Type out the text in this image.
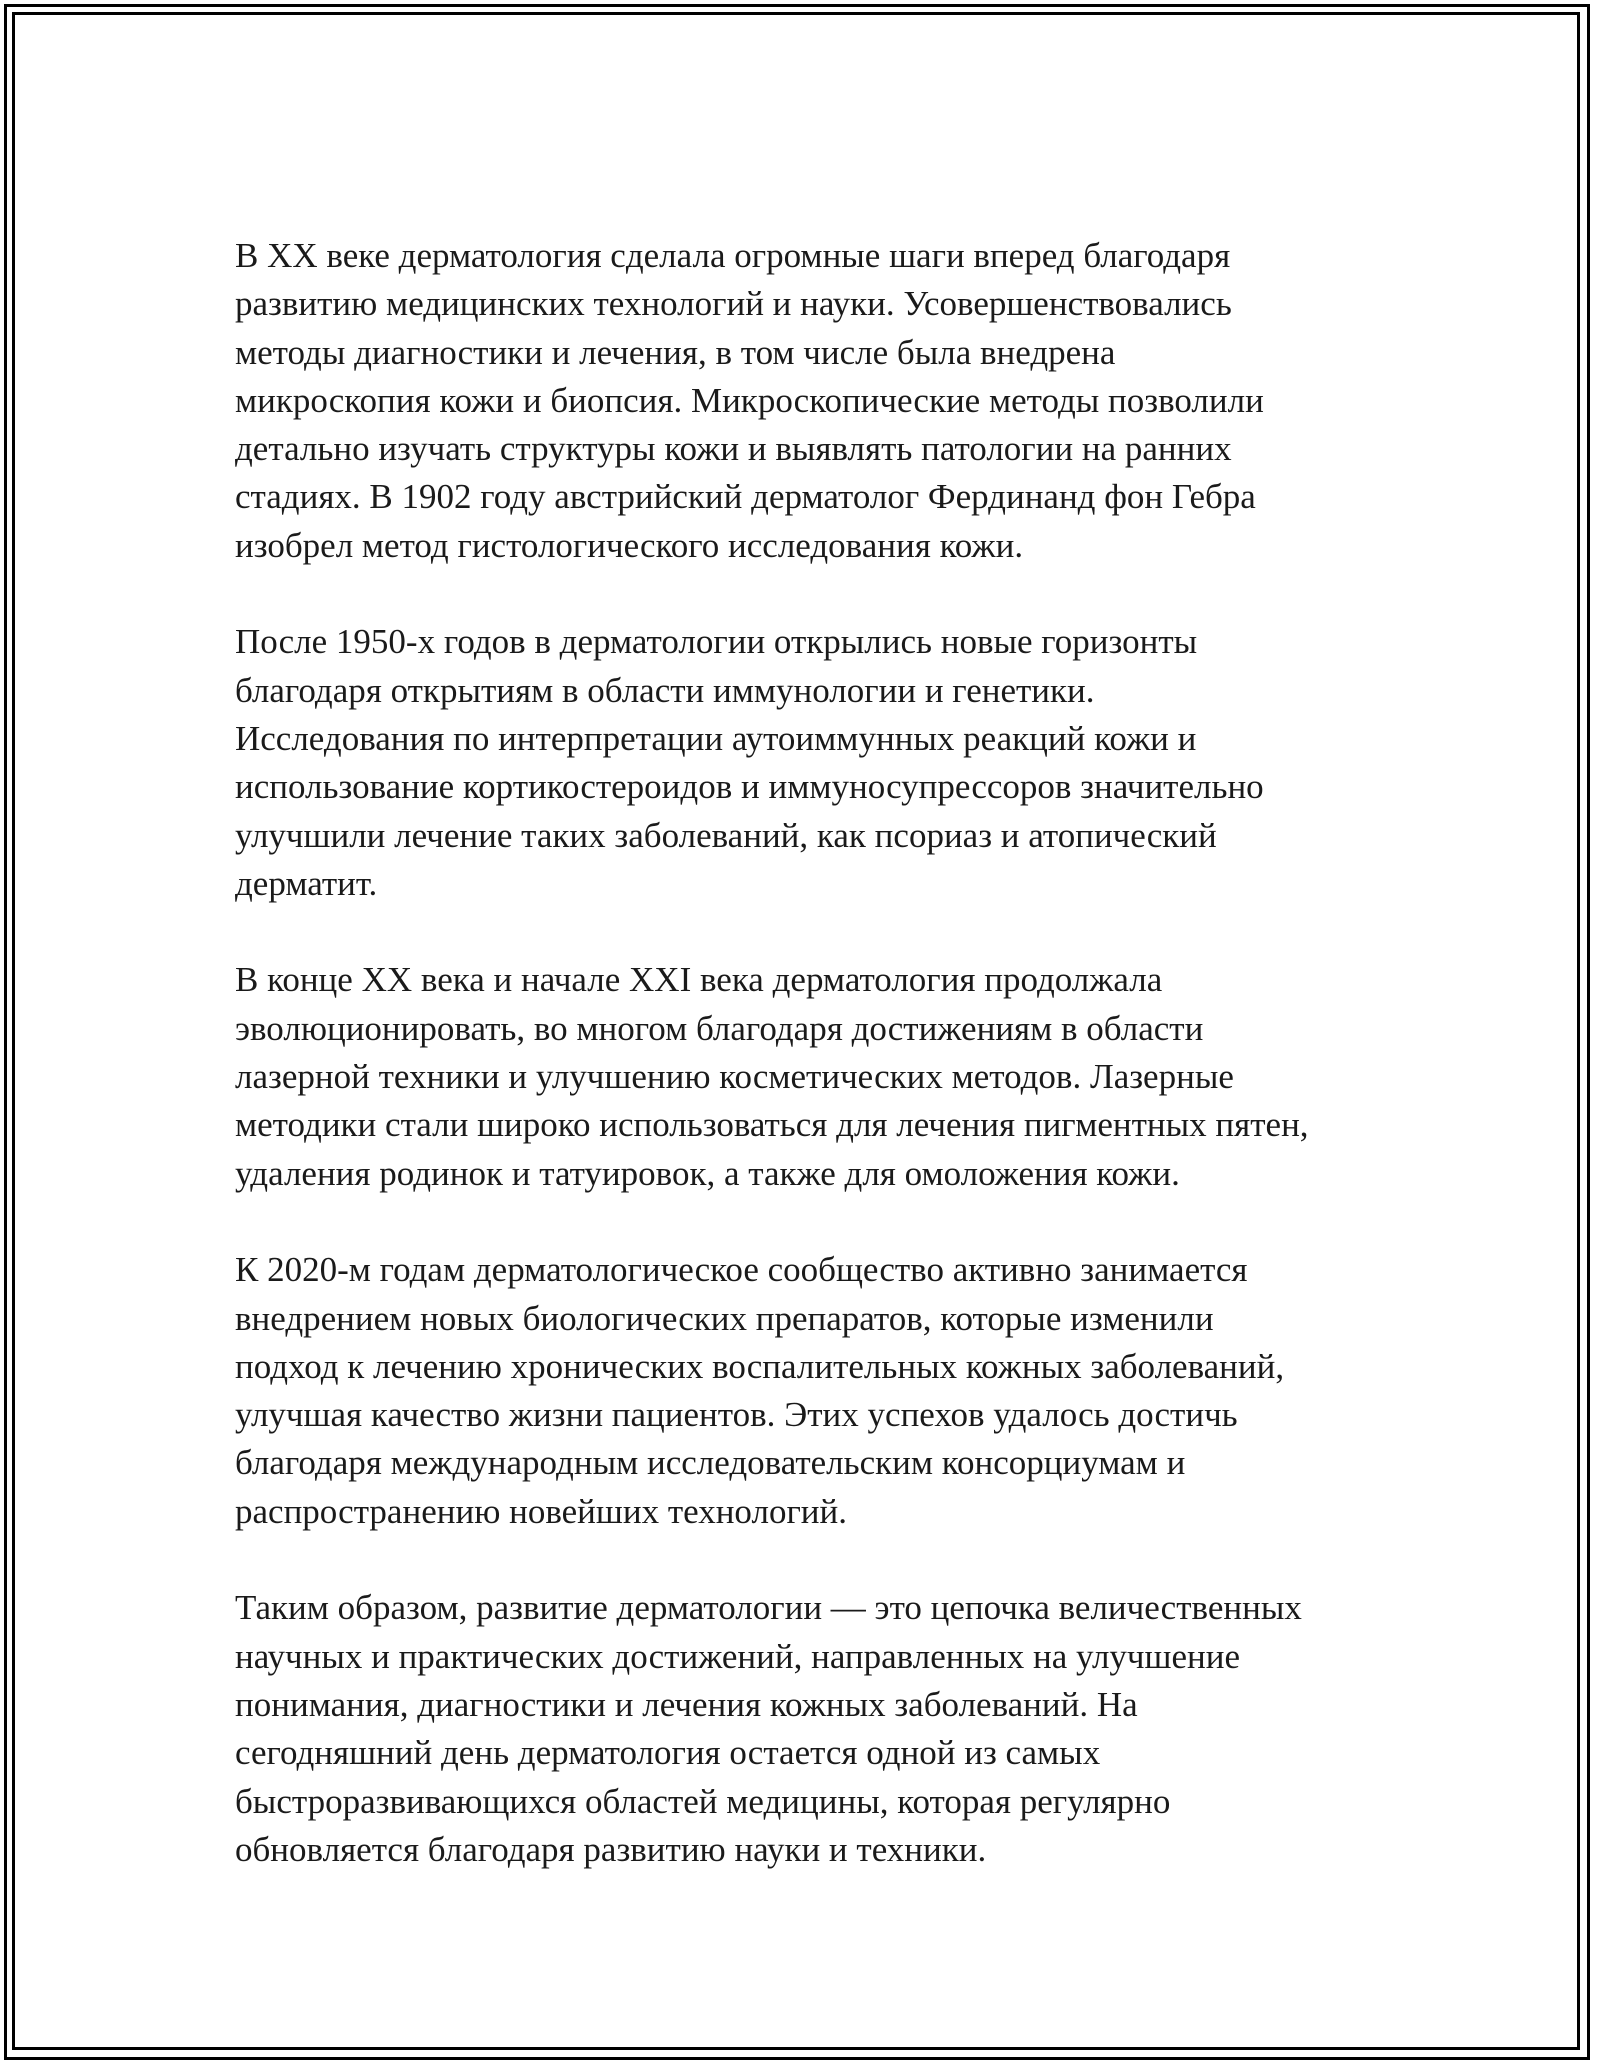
В XX веке дерматология сделала огромные шаги вперед благодаря
развитию медицинских технологий и науки. Усовершенствовались
методы диагностики и лечения, в том числе была внедрена
микроскопия кожи и биопсия. Микроскопические методы позволили
детально изучать структуры кожи и выявлять патологии на ранних
стадиях. В 1902 году австрийский дерматолог Фердинанд фон Гебра
изобрел метод гистологического исследования кожи.

После 1950-х годов в дерматологии открылись новые горизонты
благодаря открытиям в области иммунологии и генетики.
Исследования по интерпретации аутоиммунных реакций кожи и
использование кортикостероидов и иммуносупрессоров значительно
улучшили лечение таких заболеваний, как псориаз и атопический
дерматит.

В конце XX века и начале XXI века дерматология продолжала
эволюционировать, во многом благодаря достижениям в области
лазерной техники и улучшению косметических методов. Лазерные
методики стали широко использоваться для лечения пигментных пятен,
удаления родинок и татуировок, а также для омоложения кожи.

К 2020-м годам дерматологическое сообщество активно занимается
внедрением новых биологических препаратов, которые изменили
подход к лечению хронических воспалительных кожных заболеваний,
улучшая качество жизни пациентов. Этих успехов удалось достичь
благодаря международным исследовательским консорциумам и
распространению новейших технологий.

Таким образом, развитие дерматологии — это цепочка величественных
научных и практических достижений, направленных на улучшение
понимания, диагностики и лечения кожных заболеваний. На
сегодняшний день дерматология остается одной из самых
быстроразвивающихся областей медицины, которая регулярно
обновляется благодаря развитию науки и техники.
